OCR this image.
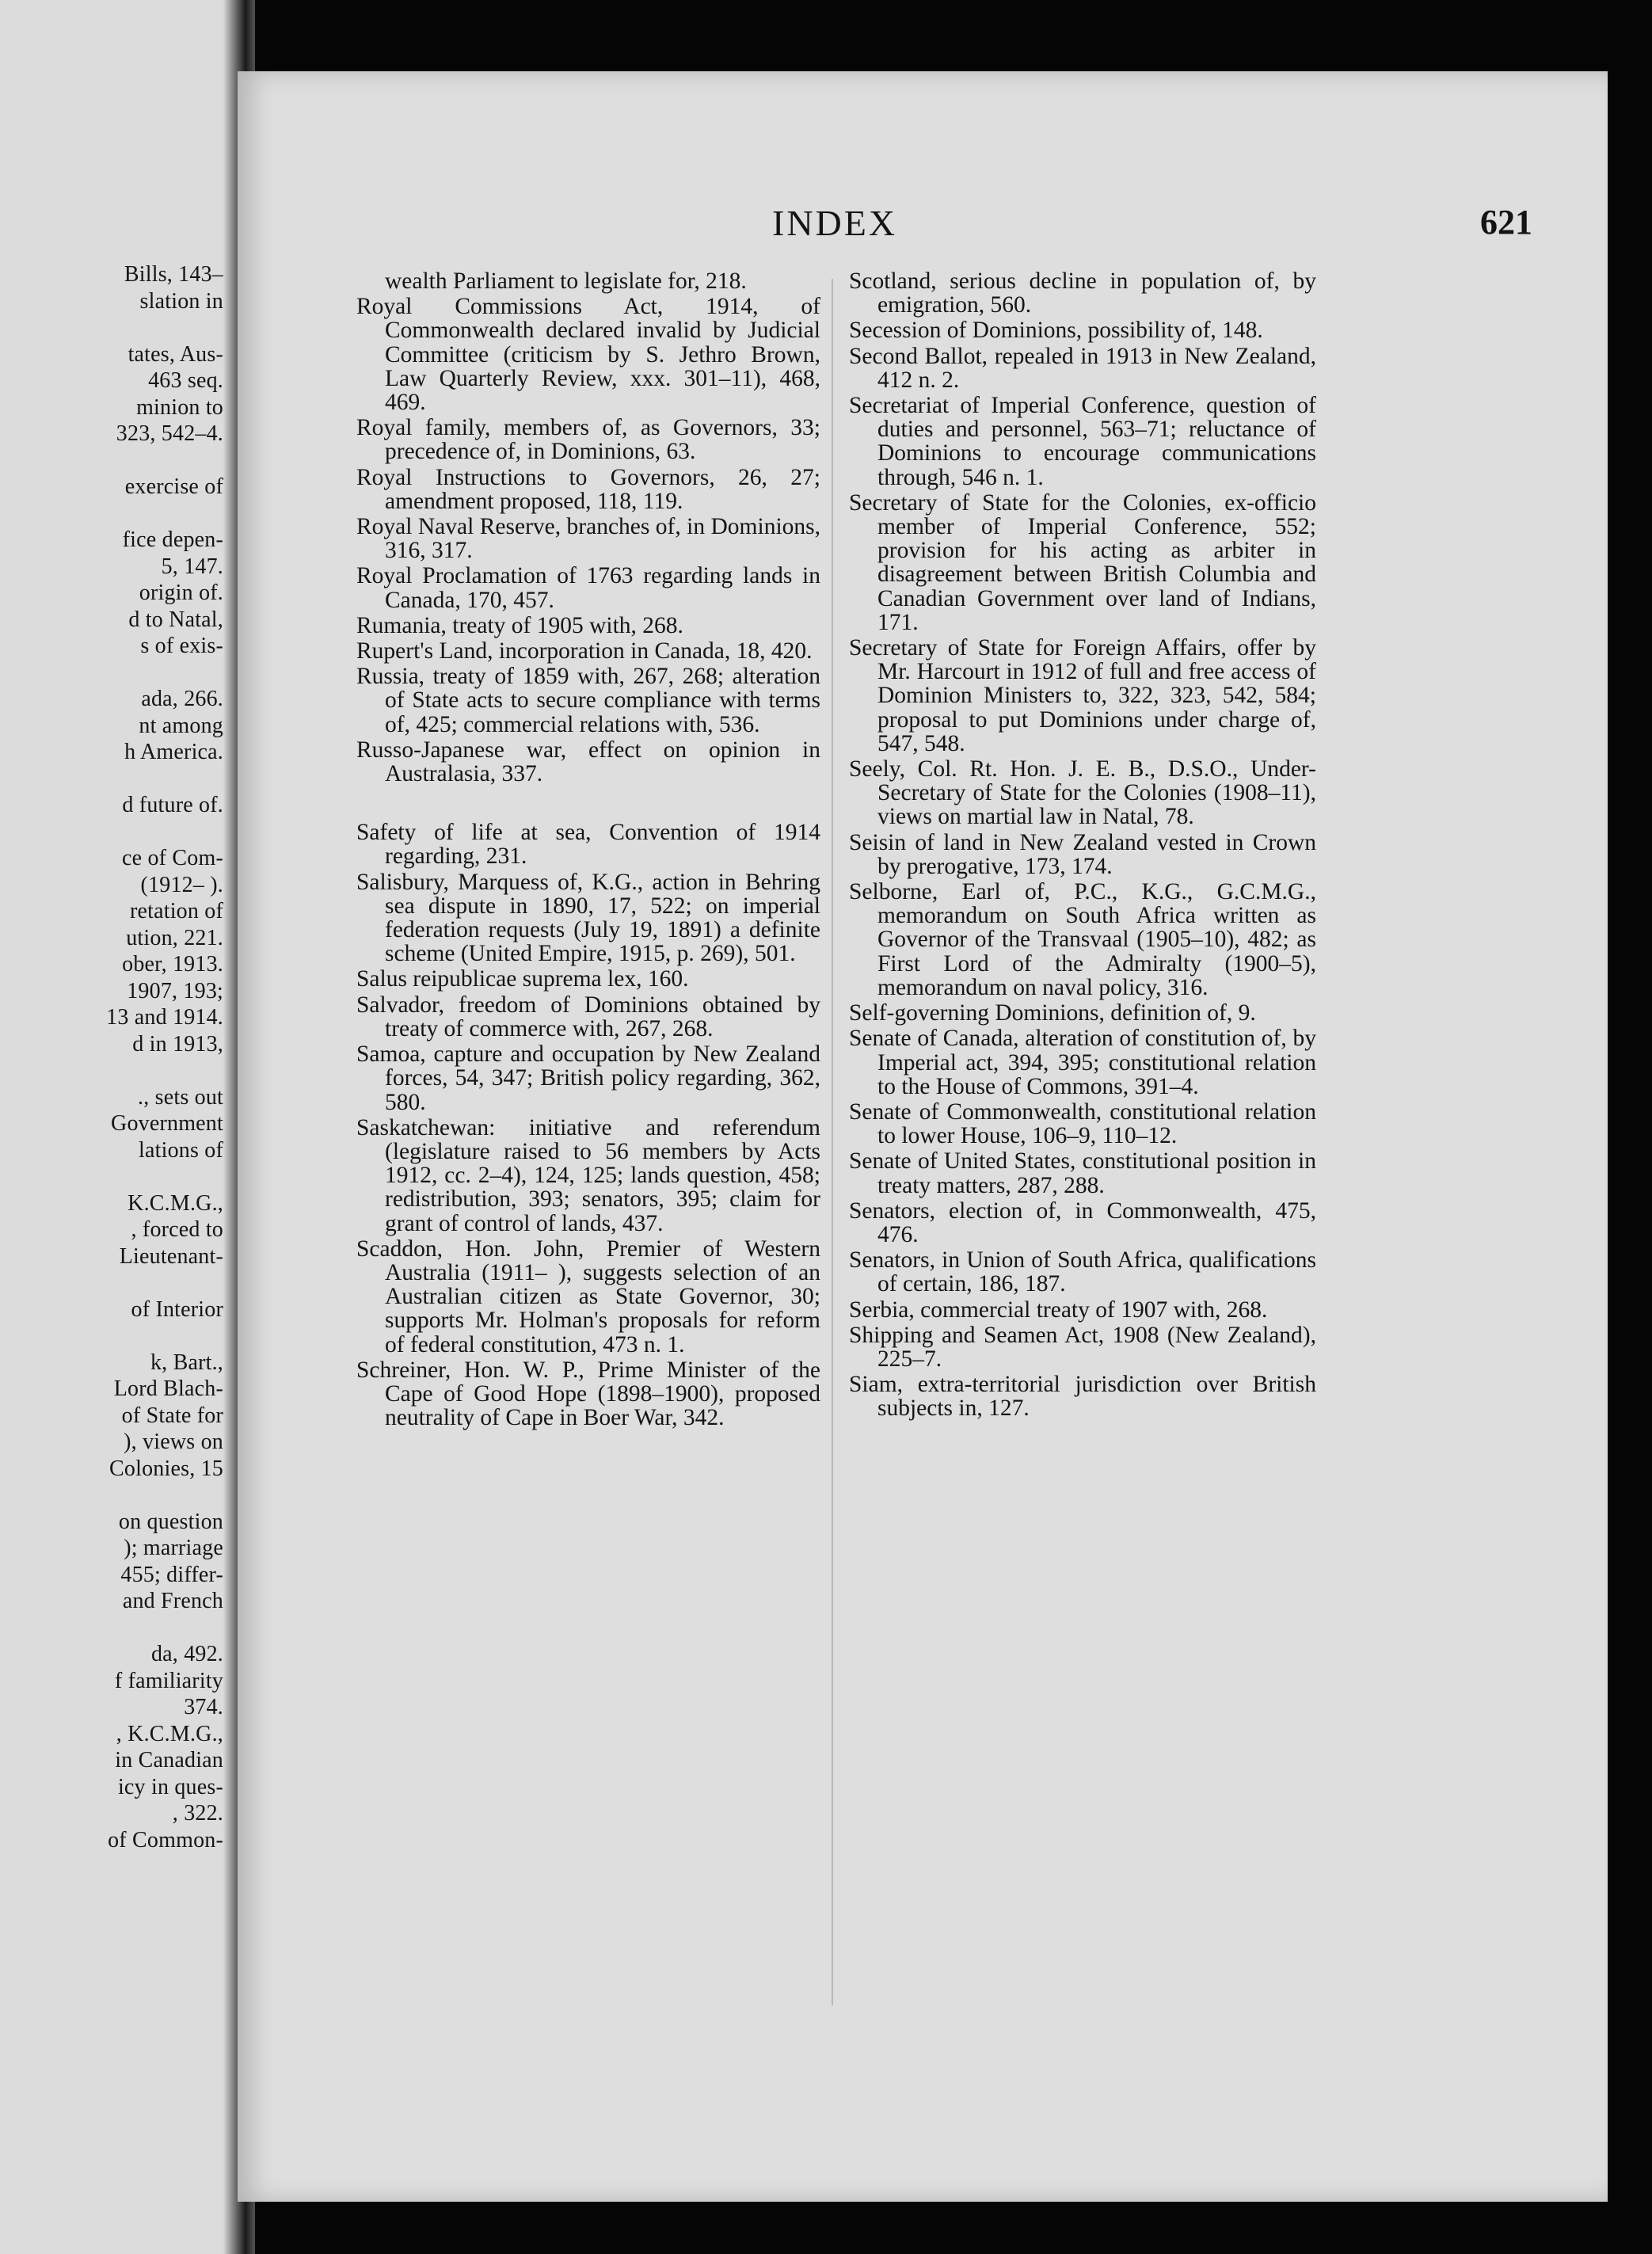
Bills, 143–
slation in
tates, Aus-
463 seq.
minion to
323, 542–4.
exercise of
fice depen-
5, 147.
origin of.
d to Natal,
s of exis-
ada, 266.
nt among
h America.
d future of.
ce of Com-
(1912– ).
retation of
ution, 221.
ober, 1913.
1907, 193;
13 and 1914.
d in 1913,
., sets out
Government
lations of
K.C.M.G.,
, forced to
Lieutenant-
of Interior
k, Bart.,
Lord Blach-
of State for
), views on
Colonies, 15
on question
); marriage
455; differ-
and French
da, 492.
f familiarity
374.
, K.C.M.G.,
in Canadian
icy in ques-
, 322.
of Common-
INDEX	621

wealth Parliament to legislate for, 218.

Royal Commissions Act, 1914, of Commonwealth declared invalid by Judicial Committee (criticism by S. Jethro Brown, Law Quarterly Review, xxx. 301–11), 468, 469.

Royal family, members of, as Governors, 33; precedence of, in Dominions, 63.

Royal Instructions to Governors, 26, 27; amendment proposed, 118, 119.

Royal Naval Reserve, branches of, in Dominions, 316, 317.

Royal Proclamation of 1763 regarding lands in Canada, 170, 457.

Rumania, treaty of 1905 with, 268.

Rupert's Land, incorporation in Canada, 18, 420.

Russia, treaty of 1859 with, 267, 268; alteration of State acts to secure compliance with terms of, 425; commercial relations with, 536.

Russo-Japanese war, effect on opinion in Australasia, 337.

Safety of life at sea, Convention of 1914 regarding, 231.

Salisbury, Marquess of, K.G., action in Behring sea dispute in 1890, 17, 522; on imperial federation requests (July 19, 1891) a definite scheme (United Empire, 1915, p. 269), 501.

Salus reipublicae suprema lex, 160.

Salvador, freedom of Dominions obtained by treaty of commerce with, 267, 268.

Samoa, capture and occupation by New Zealand forces, 54, 347; British policy regarding, 362, 580.

Saskatchewan: initiative and referendum (legislature raised to 56 members by Acts 1912, cc. 2–4), 124, 125; lands question, 458; redistribution, 393; senators, 395; claim for grant of control of lands, 437.

Scaddon, Hon. John, Premier of Western Australia (1911– ), suggests selection of an Australian citizen as State Governor, 30; supports Mr. Holman's proposals for reform of federal constitution, 473 n. 1.

Schreiner, Hon. W. P., Prime Minister of the Cape of Good Hope (1898–1900), proposed neutrality of Cape in Boer War, 342.

Scotland, serious decline in population of, by emigration, 560.

Secession of Dominions, possibility of, 148.

Second Ballot, repealed in 1913 in New Zealand, 412 n. 2.

Secretariat of Imperial Conference, question of duties and personnel, 563–71; reluctance of Dominions to encourage communications through, 546 n. 1.

Secretary of State for the Colonies, ex-officio member of Imperial Conference, 552; provision for his acting as arbiter in disagreement between British Columbia and Canadian Government over land of Indians, 171.

Secretary of State for Foreign Affairs, offer by Mr. Harcourt in 1912 of full and free access of Dominion Ministers to, 322, 323, 542, 584; proposal to put Dominions under charge of, 547, 548.

Seely, Col. Rt. Hon. J. E. B., D.S.O., Under-Secretary of State for the Colonies (1908–11), views on martial law in Natal, 78.

Seisin of land in New Zealand vested in Crown by prerogative, 173, 174.

Selborne, Earl of, P.C., K.G., G.C.M.G., memorandum on South Africa written as Governor of the Transvaal (1905–10), 482; as First Lord of the Admiralty (1900–5), memorandum on naval policy, 316.

Self-governing Dominions, definition of, 9.

Senate of Canada, alteration of constitution of, by Imperial act, 394, 395; constitutional relation to the House of Commons, 391–4.

Senate of Commonwealth, constitutional relation to lower House, 106–9, 110–12.

Senate of United States, constitutional position in treaty matters, 287, 288.

Senators, election of, in Commonwealth, 475, 476.

Senators, in Union of South Africa, qualifications of certain, 186, 187.

Serbia, commercial treaty of 1907 with, 268.

Shipping and Seamen Act, 1908 (New Zealand), 225–7.

Siam, extra-territorial jurisdiction over British subjects in, 127.
